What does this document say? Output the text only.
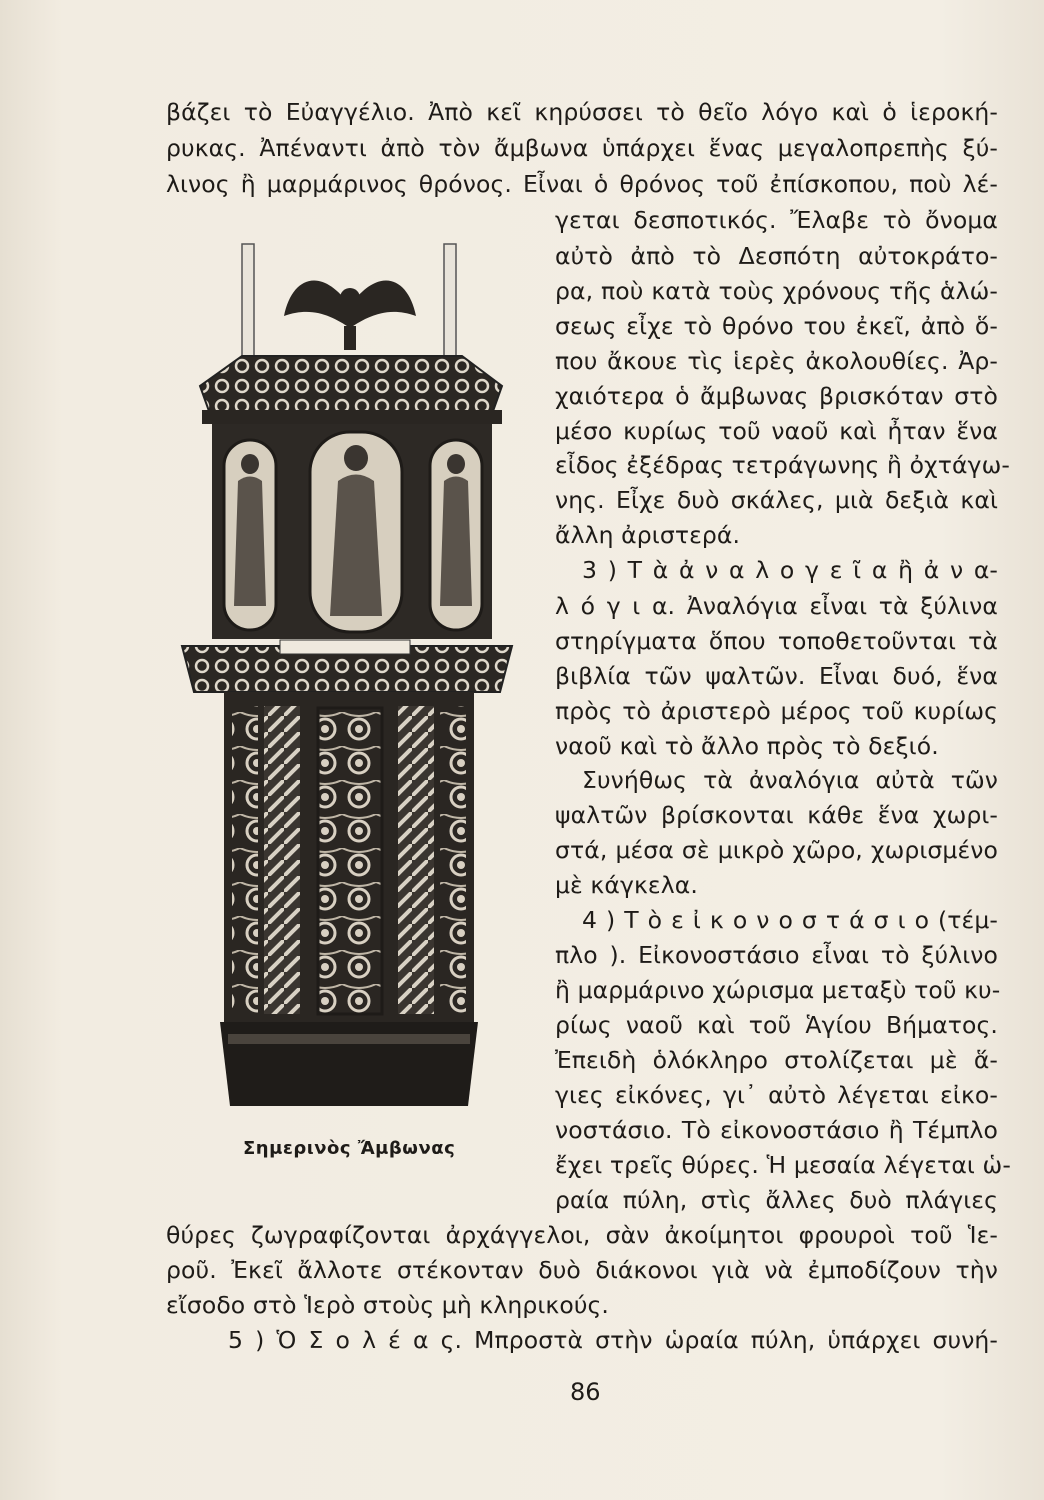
βάζει τὸ Εὐαγγέλιο. Ἀπὸ κεῖ κηρύσσει τὸ θεῖο λόγο καὶ ὁ ἱεροκή-
ρυκας. Ἀπέναντι ἀπὸ τὸν ἄμβωνα ὑπάρχει ἕνας μεγαλοπρεπὴς ξύ-
λινος ἢ μαρμάρινος θρόνος. Εἶναι ὁ θρόνος τοῦ ἐπίσκοπου, ποὺ λέ-
γεται δεσποτικός. Ἔλαβε τὸ ὄνομα
αὐτὸ ἀπὸ τὸ Δεσπότη αὐτοκράτο-
ρα, ποὺ κατὰ τοὺς χρόνους τῆς ἁλώ-
σεως εἶχε τὸ θρόνο του ἐκεῖ, ἀπὸ ὅ-
που ἄκουε τὶς ἱερὲς ἀκολουθίες. Ἀρ-
χαιότερα ὁ ἄμβωνας βρισκόταν στὸ
μέσο κυρίως τοῦ ναοῦ καὶ ἦταν ἕνα
εἶδος ἐξέδρας τετράγωνης ἢ ὀχτάγω-
νης. Εἶχε δυὸ σκάλες, μιὰ δεξιὰ καὶ
ἄλλη ἀριστερά.
3 ) Τ ὰ ἀ ν α λ ο γ ε ῖ α ἢ ἀ ν α-
λ ό γ ι α. Ἀναλόγια εἶναι τὰ ξύλινα
στηρίγματα ὅπου τοποθετοῦνται τὰ
βιβλία τῶν ψαλτῶν. Εἶναι δυό, ἕνα
πρὸς τὸ ἀριστερὸ μέρος τοῦ κυρίως
ναοῦ καὶ τὸ ἄλλο πρὸς τὸ δεξιό.
Συνήθως τὰ ἀναλόγια αὐτὰ τῶν
ψαλτῶν βρίσκονται κάθε ἕνα χωρι-
στά, μέσα σὲ μικρὸ χῶρο, χωρισμένο
μὲ κάγκελα.
4 ) Τ ὸ ε ἰ κ ο ν ο σ τ ά σ ι ο (τέμ-
πλο ). Εἰκονοστάσιο εἶναι τὸ ξύλινο
ἢ μαρμάρινο χώρισμα μεταξὺ τοῦ κυ-
ρίως ναοῦ καὶ τοῦ Ἁγίου Βήματος.
Ἐπειδὴ ὁλόκληρο στολίζεται μὲ ἅ-
γιες εἰκόνες, γι᾿ αὐτὸ λέγεται εἰκο-
νοστάσιο. Τὸ εἰκονοστάσιο ἢ Τέμπλο
ἔχει τρεῖς θύρες. Ἡ μεσαία λέγεται ὡ-
ραία πύλη, στὶς ἄλλες δυὸ πλάγιες
Σημερινὸς Ἄμβωνας
θύρες ζωγραφίζονται ἀρχάγγελοι, σὰν ἀκοίμητοι φρουροὶ τοῦ Ἱε-
ροῦ. Ἐκεῖ ἄλλοτε στέκονταν δυὸ διάκονοι γιὰ νὰ ἐμποδίζουν τὴν
εἴσοδο στὸ Ἱερὸ στοὺς μὴ κληρικούς.
5 ) Ὁ Σ ο λ έ α ς. Μπροστὰ στὴν ὡραία πύλη, ὑπάρχει συνή-
86
